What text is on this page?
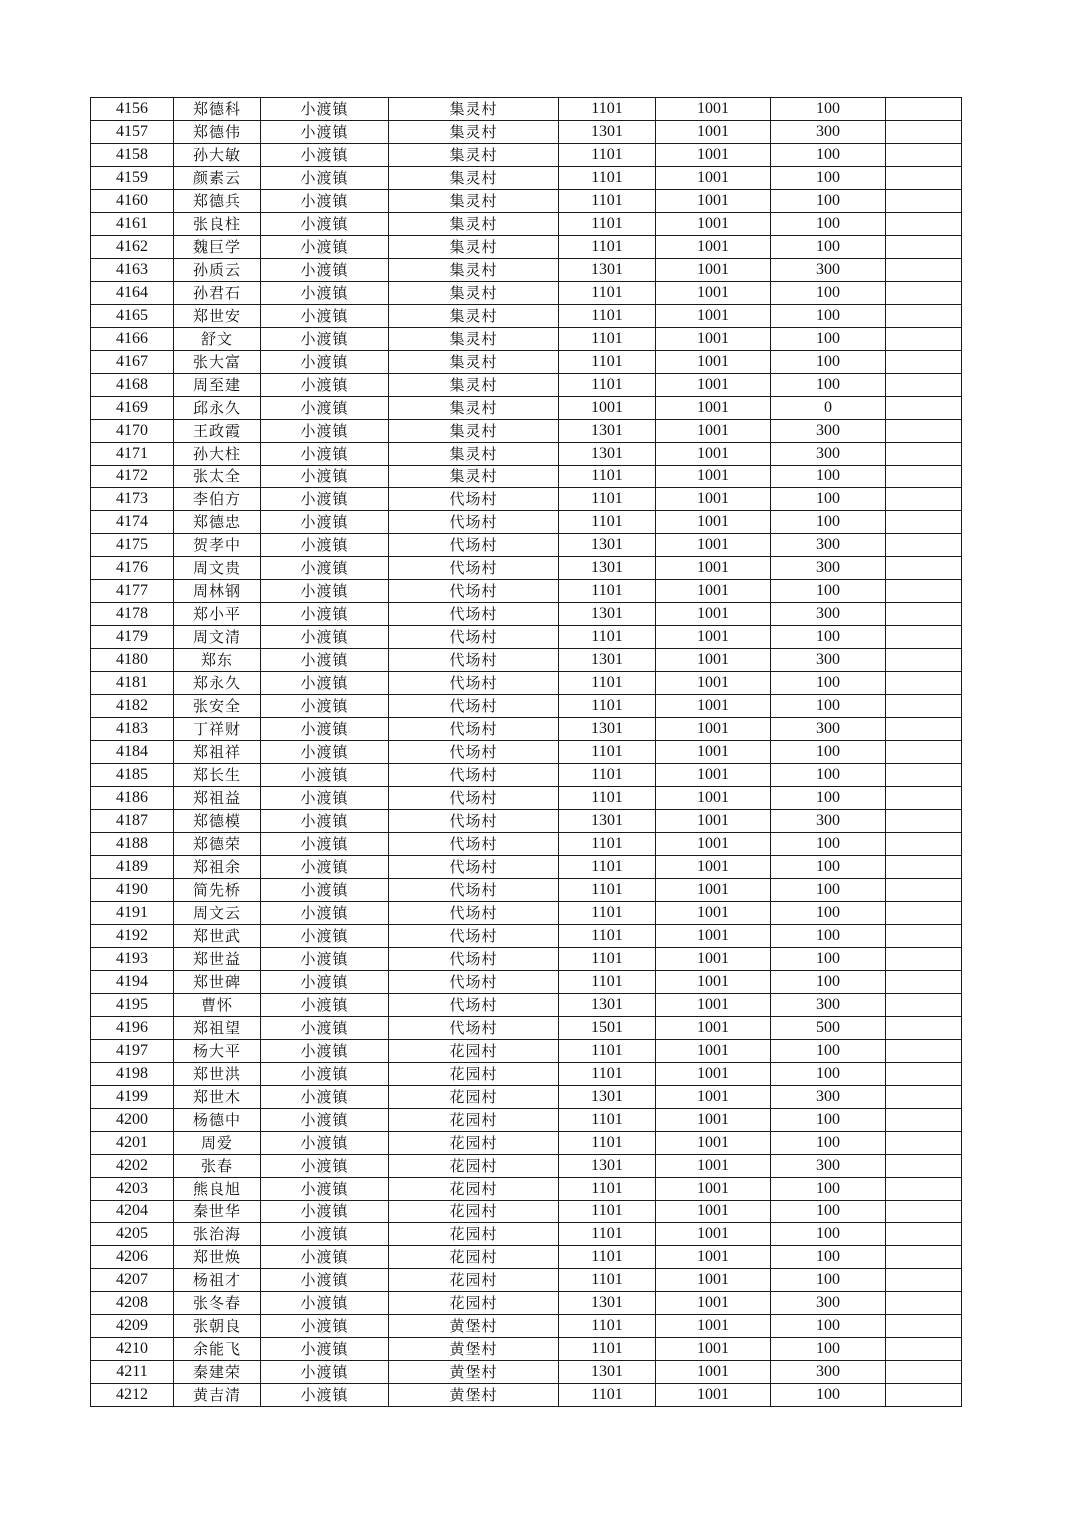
4156	郑德科	小渡镇	集灵村	1101	1001	100	
4157	郑德伟	小渡镇	集灵村	1301	1001	300	
4158	孙大敏	小渡镇	集灵村	1101	1001	100	
4159	颜素云	小渡镇	集灵村	1101	1001	100	
4160	郑德兵	小渡镇	集灵村	1101	1001	100	
4161	张良柱	小渡镇	集灵村	1101	1001	100	
4162	魏巨学	小渡镇	集灵村	1101	1001	100	
4163	孙质云	小渡镇	集灵村	1301	1001	300	
4164	孙君石	小渡镇	集灵村	1101	1001	100	
4165	郑世安	小渡镇	集灵村	1101	1001	100	
4166	舒文	小渡镇	集灵村	1101	1001	100	
4167	张大富	小渡镇	集灵村	1101	1001	100	
4168	周至建	小渡镇	集灵村	1101	1001	100	
4169	邱永久	小渡镇	集灵村	1001	1001	0	
4170	王政霞	小渡镇	集灵村	1301	1001	300	
4171	孙大柱	小渡镇	集灵村	1301	1001	300	
4172	张太全	小渡镇	集灵村	1101	1001	100	
4173	李伯方	小渡镇	代场村	1101	1001	100	
4174	郑德忠	小渡镇	代场村	1101	1001	100	
4175	贺孝中	小渡镇	代场村	1301	1001	300	
4176	周文贵	小渡镇	代场村	1301	1001	300	
4177	周林钢	小渡镇	代场村	1101	1001	100	
4178	郑小平	小渡镇	代场村	1301	1001	300	
4179	周文清	小渡镇	代场村	1101	1001	100	
4180	郑东	小渡镇	代场村	1301	1001	300	
4181	郑永久	小渡镇	代场村	1101	1001	100	
4182	张安全	小渡镇	代场村	1101	1001	100	
4183	丁祥财	小渡镇	代场村	1301	1001	300	
4184	郑祖祥	小渡镇	代场村	1101	1001	100	
4185	郑长生	小渡镇	代场村	1101	1001	100	
4186	郑祖益	小渡镇	代场村	1101	1001	100	
4187	郑德模	小渡镇	代场村	1301	1001	300	
4188	郑德荣	小渡镇	代场村	1101	1001	100	
4189	郑祖余	小渡镇	代场村	1101	1001	100	
4190	简先桥	小渡镇	代场村	1101	1001	100	
4191	周文云	小渡镇	代场村	1101	1001	100	
4192	郑世武	小渡镇	代场村	1101	1001	100	
4193	郑世益	小渡镇	代场村	1101	1001	100	
4194	郑世碑	小渡镇	代场村	1101	1001	100	
4195	曹怀	小渡镇	代场村	1301	1001	300	
4196	郑祖望	小渡镇	代场村	1501	1001	500	
4197	杨大平	小渡镇	花园村	1101	1001	100	
4198	郑世洪	小渡镇	花园村	1101	1001	100	
4199	郑世木	小渡镇	花园村	1301	1001	300	
4200	杨德中	小渡镇	花园村	1101	1001	100	
4201	周爱	小渡镇	花园村	1101	1001	100	
4202	张春	小渡镇	花园村	1301	1001	300	
4203	熊良旭	小渡镇	花园村	1101	1001	100	
4204	秦世华	小渡镇	花园村	1101	1001	100	
4205	张治海	小渡镇	花园村	1101	1001	100	
4206	郑世焕	小渡镇	花园村	1101	1001	100	
4207	杨祖才	小渡镇	花园村	1101	1001	100	
4208	张冬春	小渡镇	花园村	1301	1001	300	
4209	张朝良	小渡镇	黄堡村	1101	1001	100	
4210	余能飞	小渡镇	黄堡村	1101	1001	100	
4211	秦建荣	小渡镇	黄堡村	1301	1001	300	
4212	黄吉清	小渡镇	黄堡村	1101	1001	100	
